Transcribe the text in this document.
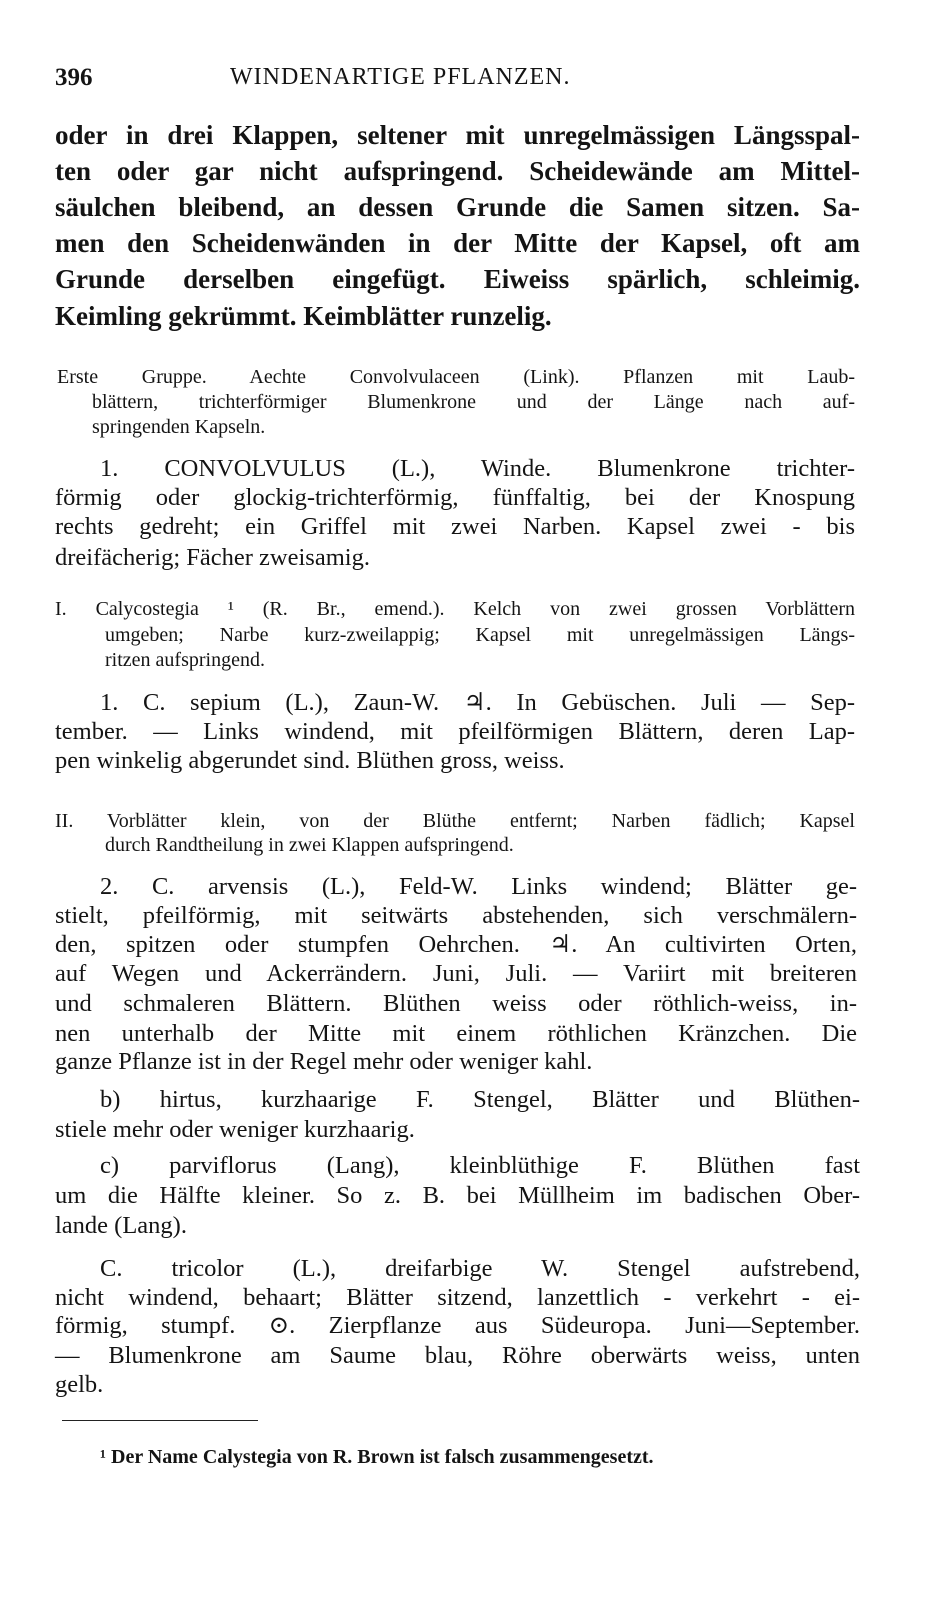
396	WINDENARTIGE PFLANZEN.
oder in drei Klappen, seltener mit unregelmässigen Längsspal-
ten oder gar nicht aufspringend. Scheidewände am Mittel-
säulchen bleibend, an dessen Grunde die Samen sitzen. Sa-
men den Scheidenwänden in der Mitte der Kapsel, oft am
Grunde derselben eingefügt. Eiweiss spärlich, schleimig.
Keimling gekrümmt. Keimblätter runzelig.
Erste Gruppe. Aechte Convolvulaceen (Link). Pflanzen mit Laub-
blättern, trichterförmiger Blumenkrone und der Länge nach auf-
springenden Kapseln.
1. CONVOLVULUS (L.), Winde. Blumenkrone trichter-
förmig oder glockig-trichterförmig, fünffaltig, bei der Knospung
rechts gedreht; ein Griffel mit zwei Narben. Kapsel zwei - bis
dreifächerig; Fächer zweisamig.
I. Calycostegia ¹ (R. Br., emend.). Kelch von zwei grossen Vorblättern
umgeben; Narbe kurz-zweilappig; Kapsel mit unregelmässigen Längs-
ritzen aufspringend.
1. C. sepium (L.), Zaun-W. ♃. In Gebüschen. Juli — Sep-
tember. — Links windend, mit pfeilförmigen Blättern, deren Lap-
pen winkelig abgerundet sind. Blüthen gross, weiss.
II. Vorblätter klein, von der Blüthe entfernt; Narben fädlich; Kapsel
durch Randtheilung in zwei Klappen aufspringend.
2. C. arvensis (L.), Feld-W. Links windend; Blätter ge-
stielt, pfeilförmig, mit seitwärts abstehenden, sich verschmälern-
den, spitzen oder stumpfen Oehrchen. ♃. An cultivirten Orten,
auf Wegen und Ackerrändern. Juni, Juli. — Variirt mit breiteren
und schmaleren Blättern. Blüthen weiss oder röthlich-weiss, in-
nen unterhalb der Mitte mit einem röthlichen Kränzchen. Die
ganze Pflanze ist in der Regel mehr oder weniger kahl.
b) hirtus, kurzhaarige F. Stengel, Blätter und Blüthen-
stiele mehr oder weniger kurzhaarig.
c) parviflorus (Lang), kleinblüthige F. Blüthen fast
um die Hälfte kleiner. So z. B. bei Müllheim im badischen Ober-
lande (Lang).
C. tricolor (L.), dreifarbige W. Stengel aufstrebend,
nicht windend, behaart; Blätter sitzend, lanzettlich - verkehrt - ei-
förmig, stumpf. ⊙. Zierpflanze aus Südeuropa. Juni—September.
— Blumenkrone am Saume blau, Röhre oberwärts weiss, unten
gelb.
¹ Der Name Calystegia von R. Brown ist falsch zusammengesetzt.
